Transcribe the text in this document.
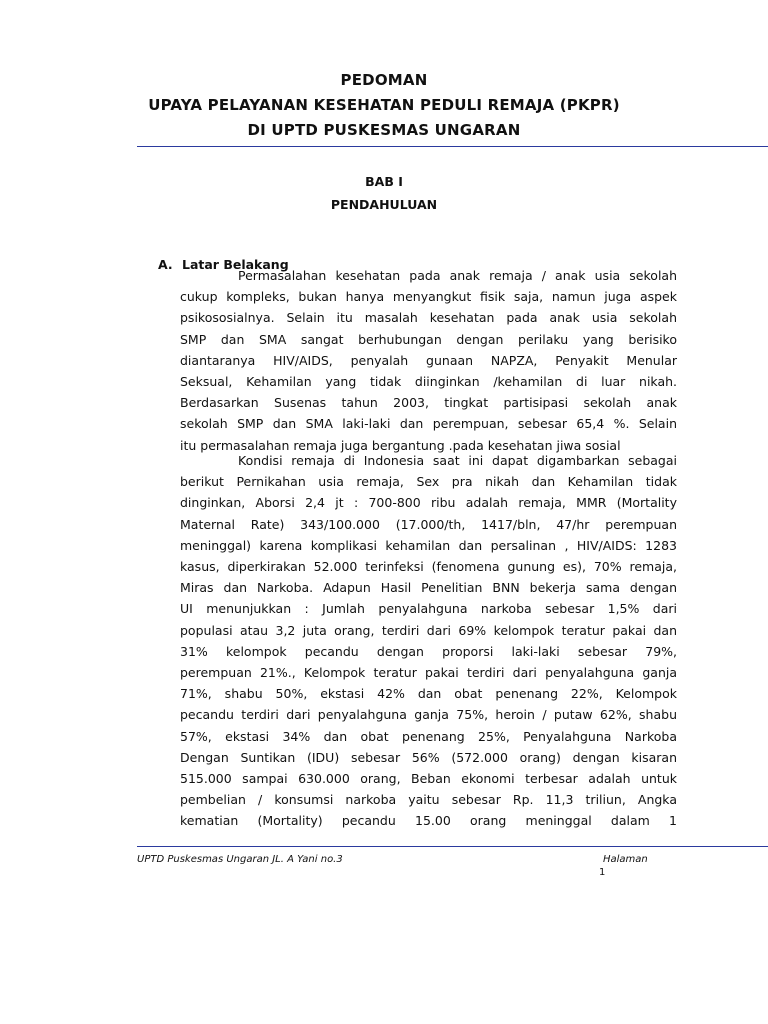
PEDOMAN
UPAYA PELAYANAN KESEHATAN PEDULI REMAJA (PKPR)
DI UPTD PUSKESMAS UNGARAN
BAB I
PENDAHULUAN
A. Latar Belakang
Permasalahan kesehatan pada anak remaja / anak usia sekolah
cukup kompleks, bukan hanya menyangkut fisik saja, namun juga aspek
psikososialnya. Selain itu masalah kesehatan pada anak usia sekolah
SMP dan SMA sangat berhubungan dengan perilaku yang berisiko
diantaranya HIV/AIDS, penyalah gunaan NAPZA, Penyakit Menular
Seksual, Kehamilan yang tidak diinginkan /kehamilan di luar nikah.
Berdasarkan Susenas tahun 2003, tingkat partisipasi sekolah anak
sekolah SMP dan SMA laki-laki dan perempuan, sebesar 65,4 %. Selain
itu permasalahan remaja juga bergantung .pada kesehatan jiwa sosial
Kondisi remaja di Indonesia saat ini dapat digambarkan sebagai
berikut Pernikahan usia remaja, Sex pra nikah dan Kehamilan tidak
dinginkan, Aborsi 2,4 jt : 700-800 ribu adalah remaja, MMR (Mortality
Maternal Rate) 343/100.000 (17.000/th, 1417/bln, 47/hr perempuan
meninggal) karena komplikasi kehamilan dan persalinan , HIV/AIDS: 1283
kasus, diperkirakan 52.000 terinfeksi (fenomena gunung es), 70% remaja,
Miras dan Narkoba. Adapun Hasil Penelitian BNN bekerja sama dengan
UI menunjukkan : Jumlah penyalahguna narkoba sebesar 1,5% dari
populasi atau 3,2 juta orang, terdiri dari 69% kelompok teratur pakai dan
31% kelompok pecandu dengan proporsi laki-laki sebesar 79%,
perempuan 21%., Kelompok teratur pakai terdiri dari penyalahguna ganja
71%, shabu 50%, ekstasi 42% dan obat penenang 22%, Kelompok
pecandu terdiri dari penyalahguna ganja 75%, heroin / putaw 62%, shabu
57%, ekstasi 34% dan obat penenang 25%, Penyalahguna Narkoba
Dengan Suntikan (IDU) sebesar 56% (572.000 orang) dengan kisaran
515.000 sampai 630.000 orang, Beban ekonomi terbesar adalah untuk
pembelian / konsumsi narkoba yaitu sebesar Rp. 11,3 triliun, Angka
kematian (Mortality) pecandu 15.00 orang meninggal dalam 1
UPTD Puskesmas Ungaran JL. A Yani no.3	Halaman
1
